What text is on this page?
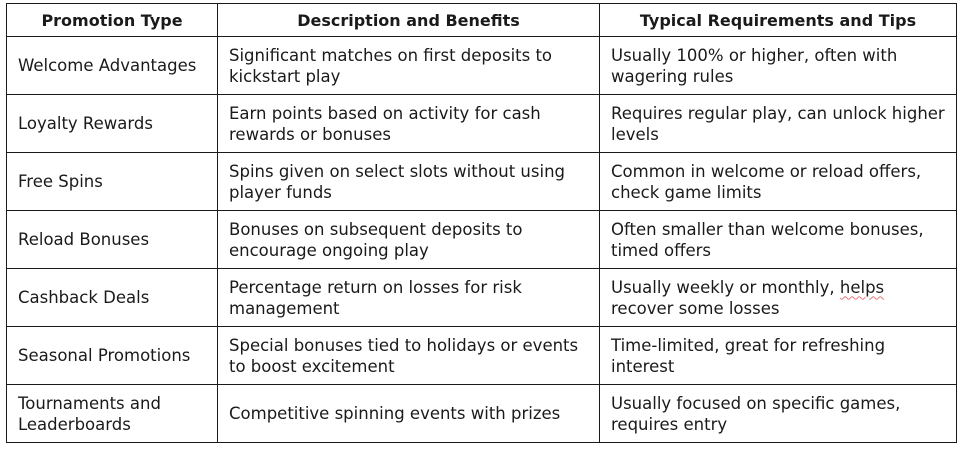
Promotion Type	Description and Benefits	Typical Requirements and Tips
Welcome Advantages	Significant matches on first deposits to kickstart play	Usually 100% or higher, often with wagering rules
Loyalty Rewards	Earn points based on activity for cash rewards or bonuses	Requires regular play, can unlock higher levels
Free Spins	Spins given on select slots without using player funds	Common in welcome or reload offers, check game limits
Reload Bonuses	Bonuses on subsequent deposits to encourage ongoing play	Often smaller than welcome bonuses, timed offers
Cashback Deals	Percentage return on losses for risk management	Usually weekly or monthly, helps recover some losses
Seasonal Promotions	Special bonuses tied to holidays or events to boost excitement	Time-limited, great for refreshing interest
Tournaments and Leaderboards	Competitive spinning events with prizes	Usually focused on specific games, requires entry
